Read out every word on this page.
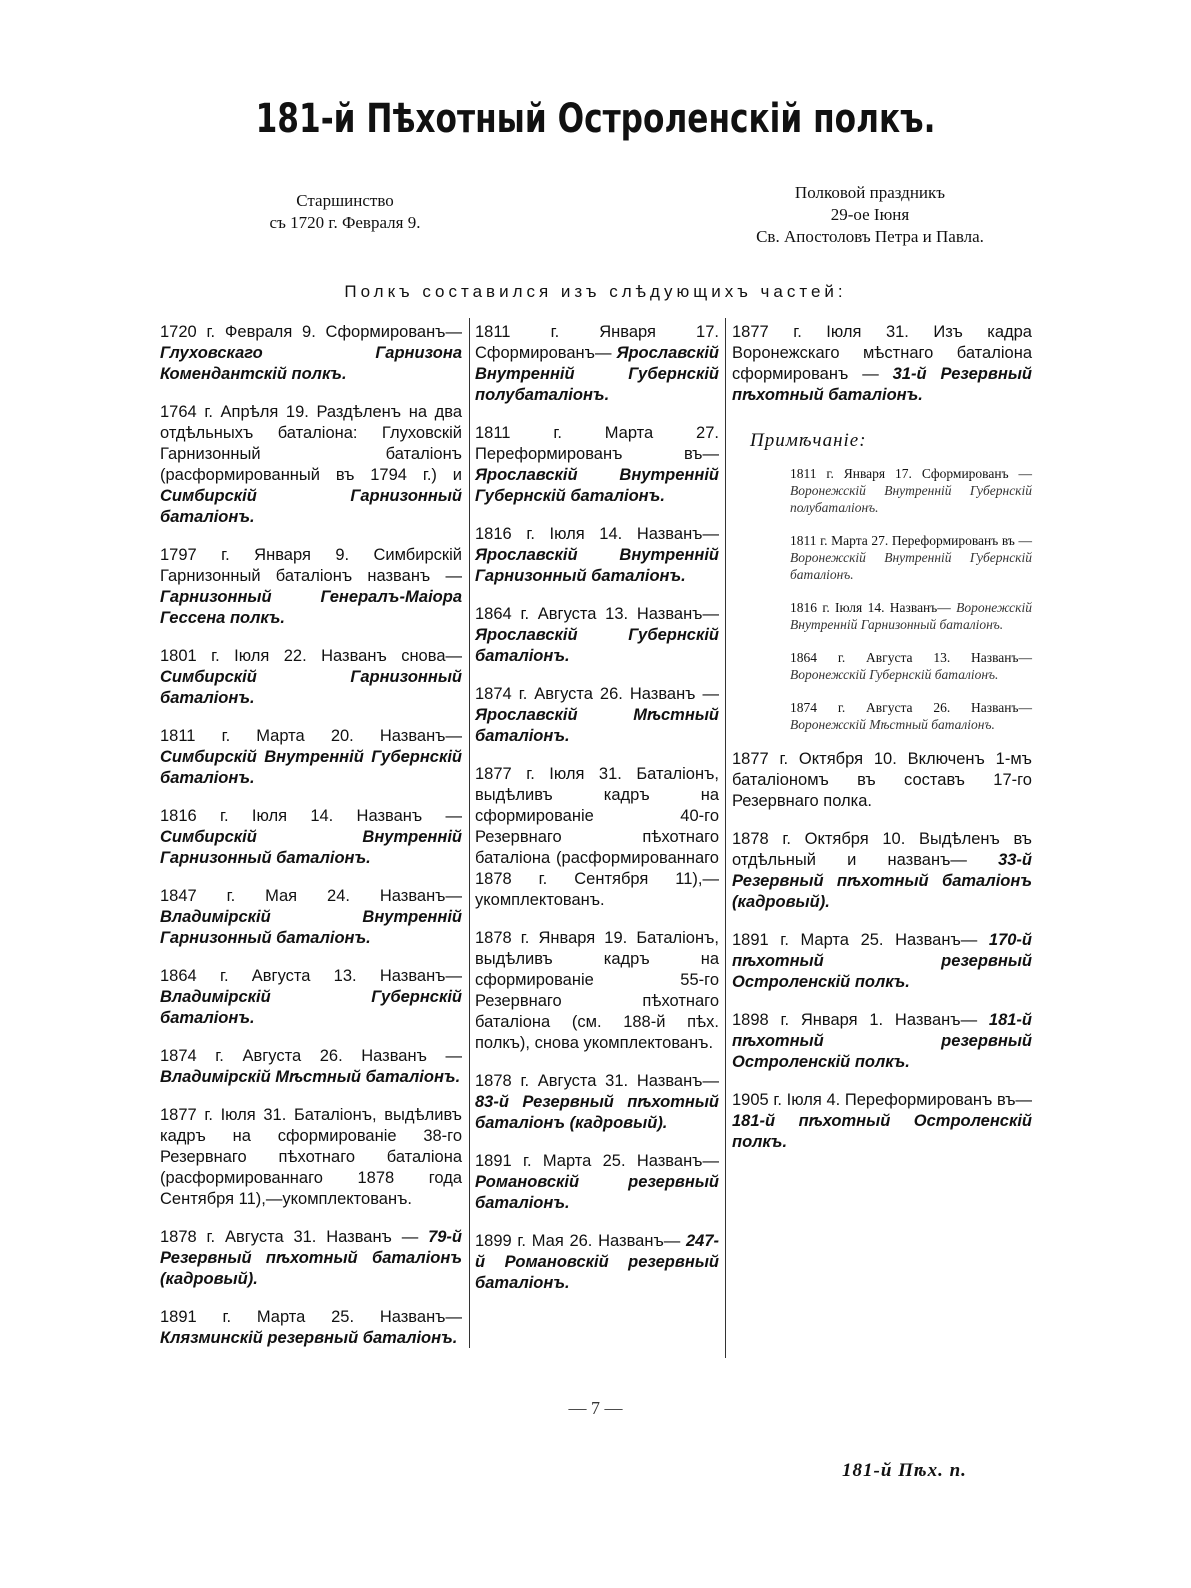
181-й Пѣхотный Остроленскій полкъ.
Старшинство
съ 1720 г. Февраля 9.
Полковой праздникъ
29-ое Іюня
Св. Апостоловъ Петра и Павла.
Полкъ составился изъ слѣдующихъ частей:
1720 г. Февраля 9. Сформированъ— Глуховскаго Гарнизона Комендантскій полкъ.
1764 г. Апрѣля 19. Раздѣленъ на два отдѣльныхъ баталіона: Глуховскій Гарнизонный баталіонъ (расформированный въ 1794 г.) и Симбирскій Гарнизонный баталіонъ.
1797 г. Января 9. Симбирскій Гарнизонный баталіонъ названъ — Гарнизонный Генералъ-Маіора Гессена полкъ.
1801 г. Іюля 22. Названъ снова— Симбирскій Гарнизонный баталіонъ.
1811 г. Марта 20. Названъ— Симбирскій Внутренній Губернскій баталіонъ.
1816 г. Іюля 14. Названъ — Симбирскій Внутренній Гарнизонный баталіонъ.
1847 г. Мая 24. Названъ— Владимірскій Внутренній Гарнизонный баталіонъ.
1864 г. Августа 13. Названъ— Владимірскій Губернскій баталіонъ.
1874 г. Августа 26. Названъ — Владимірскій Мѣстный баталіонъ.
1877 г. Іюля 31. Баталіонъ, выдѣливъ кадръ на сформированіе 38-го Резервнаго пѣхотнаго баталіона (расформированнаго 1878 года Сентября 11),—укомплектованъ.
1878 г. Августа 31. Названъ — 79-й Резервный пѣхотный баталіонъ (кадровый).
1891 г. Марта 25. Названъ— Клязминскій резервный баталіонъ.
1811 г. Января 17. Сформированъ— Ярославскій Внутренній Губернскій полубаталіонъ.
1811 г. Марта 27. Переформированъ въ— Ярославскій Внутренній Губернскій баталіонъ.
1816 г. Іюля 14. Названъ— Ярославскій Внутренній Гарнизонный баталіонъ.
1864 г. Августа 13. Названъ— Ярославскій Губернскій баталіонъ.
1874 г. Августа 26. Названъ — Ярославскій Мѣстный баталіонъ.
1877 г. Іюля 31. Баталіонъ, выдѣливъ кадръ на сформированіе 40-го Резервнаго пѣхотнаго баталіона (расформированнаго 1878 г. Сентября 11),—укомплектованъ.
1878 г. Января 19. Баталіонъ, выдѣливъ кадръ на сформированіе 55-го Резервнаго пѣхотнаго баталіона (см. 188-й пѣх. полкъ), снова укомплектованъ.
1878 г. Августа 31. Названъ— 83-й Резервный пѣхотный баталіонъ (кадровый).
1891 г. Марта 25. Названъ— Романовскій резервный баталіонъ.
1899 г. Мая 26. Названъ— 247-й Романовскій резервный баталіонъ.
1877 г. Іюля 31. Изъ кадра Воронежскаго мѣстнаго баталіона сформированъ — 31-й Резервный пѣхотный баталіонъ.
Примѣчаніе:
1811 г. Января 17. Сформированъ — Воронежскій Внутренній Губернскій полубаталіонъ.
1811 г. Марта 27. Переформированъ въ — Воронежскій Внутренній Губернскій баталіонъ.
1816 г. Іюля 14. Названъ— Воронежскій Внутренній Гарнизонный баталіонъ.
1864 г. Августа 13. Названъ— Воронежскій Губернскій баталіонъ.
1874 г. Августа 26. Названъ— Воронежскій Мѣстный баталіонъ.
1877 г. Октября 10. Включенъ 1-мъ баталіономъ въ составъ 17-го Резервнаго полка.
1878 г. Октября 10. Выдѣленъ въ отдѣльный и названъ— 33-й Резервный пѣхотный баталіонъ (кадровый).
1891 г. Марта 25. Названъ— 170-й пѣхотный резервный Остроленскій полкъ.
1898 г. Января 1. Названъ— 181-й пѣхотный резервный Остроленскій полкъ.
1905 г. Іюля 4. Переформированъ въ— 181-й пѣхотный Остроленскій полкъ.
— 7 —
181-й Пѣх. п.
